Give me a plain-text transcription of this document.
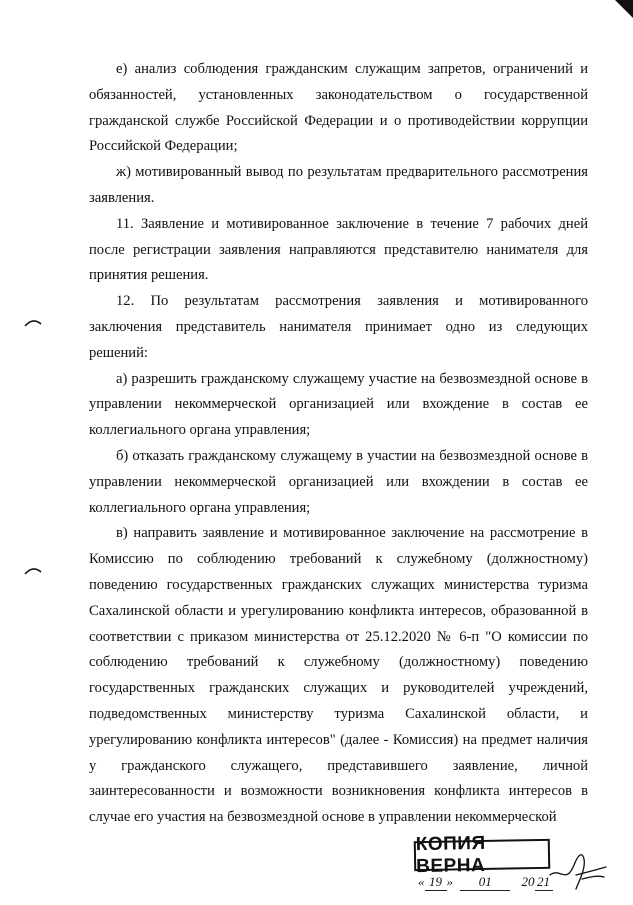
е) анализ соблюдения гражданским служащим запретов, ограничений и обязанностей, установленных законодательством о государственной гражданской службе Российской Федерации и о противодействии коррупции Российской Федерации;

ж) мотивированный вывод по результатам предварительного рассмотрения заявления.

11. Заявление и мотивированное заключение в течение 7 рабочих дней после регистрации заявления направляются представителю нанимателя для принятия решения.

12. По результатам рассмотрения заявления и мотивированного заключения представитель нанимателя принимает одно из следующих решений:

а) разрешить гражданскому служащему участие на безвозмездной основе в управлении некоммерческой организацией или вхождение в состав ее коллегиального органа управления;

б) отказать гражданскому служащему в участии на безвозмездной основе в управлении некоммерческой организацией или вхождении в состав ее коллегиального органа управления;

в) направить заявление и мотивированное заключение на рассмотрение в Комиссию по соблюдению требований к служебному (должностному) поведению государственных гражданских служащих министерства туризма Сахалинской области и урегулированию конфликта интересов, образованной в соответствии с приказом министерства от 25.12.2020 № 6-п "О комиссии по соблюдению требований к служебному (должностному) поведению государственных гражданских служащих и руководителей учреждений, подведомственных министерству туризма Сахалинской области, и урегулированию конфликта интересов" (далее - Комиссия) на предмет наличия у гражданского служащего, представившего заявление, личной заинтересованности и возможности возникновения конфликта интересов в случае его участия на безвозмездной основе в управлении некоммерческой

КОПИЯ ВЕРНА
« 19 » 01 20 21
